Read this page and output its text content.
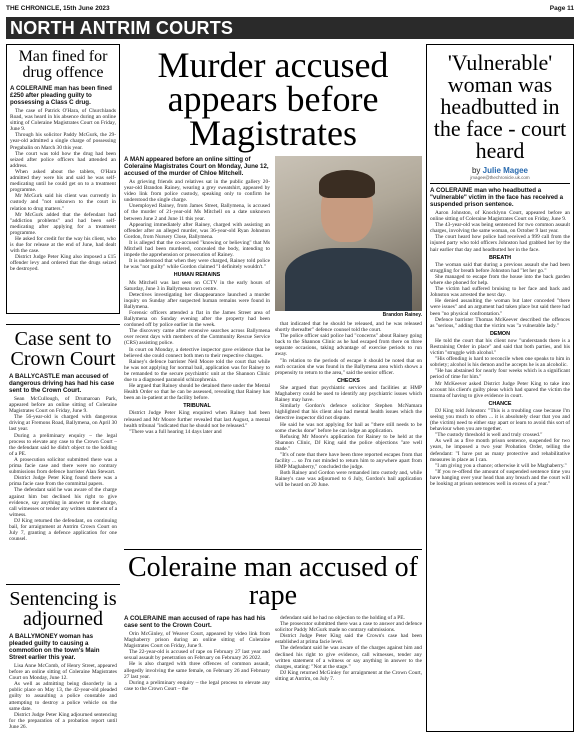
THE CHRONICLE, 15th June 2023	Page 11
NORTH ANTRIM COURTS
Man fined for drug offence
A COLERAINE man has been fined £250 after pleading guilty to possessing a Class C drug.

The case of Patrick O'Hara, of Churchlands Road, was heard in his absence during an online sitting of Coleraine Magistrates Court on Friday, June 9.

Through his solicitor Paddy McGurk, the 29-year-old admitted a single charge of possessing Pregabalin on March 30 this year.

The court was told how the drug had been seized after police officers had attended an address.

When asked about the tablets, O'Hara admitted they were his and said he was self-medicating until he could get on to a treatment programme.

Mr McGurk said his client was currently in custody and "not unknown to the court in relation to drug matters."

Mr McGurk added that the defendant had "addiction problems" and had been self-medicating after applying for a treatment programme.

He asked for credit for the way his client, who is due for release at the end of June, had dealt with the case.

District Judge Peter King also imposed a £15 offender levy and ordered that the drugs seized be destroyed.

Case sent to Crown Court
A BALLYCASTLE man accused of dangerous driving has had his case sent to the Crown Court.

Sean McCullough, of Drumaroan Park, appeared before an online sitting of Coleraine Magistrates Court on Friday, June 9.

The 56-year-old is charged with dangerous driving at Fremons Road, Ballymena, on April 30 last year.

During a preliminary enquiry – the legal process to elevate any case to the Crown Court – the defendant said he didn't object to the holding of a PE.

A prosecution solicitor submitted there was a prima facie case and there were no contrary submissions from defence barrister Alan Stewart.

District Judge Peter King found there was a prima facie case from the committal papers.

The defendant said he was aware of the charge against him but declined his right to give evidence, say anything in answer to the charge, call witnesses or tender any written statement of a witness.

DJ King returned the defendant, on continuing bail, for arraignment at Antrim Crown Court on July 7, granting a defence application for one counsel.

Sentencing is adjourned
A BALLYMONEY woman has pleaded guilty to causing a commotion on the town's Main Street earlier this year.

Lisa Anne McComb, of Henry Street, appeared before an online sitting of Coleraine Magistrates Court on Monday, June 12.

As well as admitting being disorderly in a public place on May 13, the 42-year-old pleaded guilty to assaulting a police constable and attempting to destroy a police vehicle on the same date.

District Judge Peter King adjourned sentencing for the preparation of a probation report until June 26.

Murder accused appears before Magistrates
A MAN appeared before an online sitting of Coleraine Magistrates Court on Monday, June 12, accused of the murder of Chloe Mitchell.

As grieving friends and relatives sat in the public gallery 20-year-old Brandon Rainey, wearing a grey sweatshirt, appeared by video link from police custody, speaking only to confirm he understood the single charge.

Unemployed Rainey, from James Street, Ballymena, is accused of the murder of 21-year-old Ms Mitchell on a date unknown between June 2 and June 11 this year.

Appearing immediately after Rainey, charged with assisting an offender after an alleged murder, was 36-year-old Ryan Johnston Gordon, from Nursery Close, Ballymena.

It is alleged that the co-accused "knowing or believing" that Ms Mitchell had been murdered, concealed the body, intending to impede the apprehension or prosecution of Rainey.

It is understood that when they were charged, Rainey told police he was "not guilty" while Gordon claimed "I definitely wouldn't."

HUMAN REMAINS

Ms Mitchell was last seen on CCTV in the early hours of Saturday, June 3 in Ballymena town centre.

Detectives investigating her disappearance launched a murder inquiry on Sunday after suspected human remains were found in Ballymena.

Forensic officers attended a flat in the James Street area of Ballymena on Sunday evening after the property had been cordoned off by police earlier in the week.

The discovery came after extensive searches across Ballymena over recent days with members of the Community Rescue Service (CRS) assisting police.

In court on Monday, a detective inspector gave evidence that he believed she could connect both men to their respective charges.

Rainey's defence barrister Neil Moore told the court that while he was not applying for normal bail, application was for Rainey to be remanded to the secure psychiatric unit at the Shannon Clinic due to a diagnosed paranoid schizophrenia.

He argued that Rainey should be detained there under the Mental Health Order so that he can be assessed, revealing that Rainey has been an in-patient at the facility before.

TRIBUNAL

District Judge Peter King enquired when Rainey had been released and Mr Moore further revealed that last August, a mental health tribunal "indicated that he should not be released."

"There was a full hearing 14 days later and

Brandon Rainey.

that indicated that he should be released, and he was released shortly thereafter" defence counsel told the court.

The police officer said police had "concerns" about Rainey going back to the Shannon Clinic as he had escaped from there on three separate occasions, taking advantage of exercise periods to run away.

"In relation to the periods of escape it should be noted that on each occasion she was found in the Ballymena area which shows a propensity to return to the area," said the senior officer.

CHECKS

She argued that psychiatric services and facilities at HMP Maghaberry could be used to identify any psychiatric issues which Rainey may have.

Similarly Gordon's defence solicitor Stephen McNamara highlighted that his client also had mental health issues which the detective inspector did not dispute.

He said he was not applying for bail as "there still needs to be some checks done" before he can lodge an application.

Refusing Mr Moore's application for Rainey to be held at the Shannon Clinic, DJ King said the police objections "are well made."

"It's of note that there have been three reported escapes from that facility ... so I'm not minded to return him to anywhere apart from HMP Maghaberry," concluded the judge.

Both Rainey and Gordon were remanded into custody and, while Rainey's case was adjourned to 6 July, Gordon's bail application will be heard on 20 June.

Coleraine man accused of rape
A COLERAINE man accused of rape has had his case sent to the Crown Court.

Orin McGinley, of Weaver Court, appeared by video link from Maghaberry prison during an online sitting of Coleraine Magistrates Court on Friday, June 9.

The 22-year-old is accused of rape on February 27 last year and sexual assault by penetration on February on February 26 2022.

He is also charged with three offences of common assault, allegedly involving the same female, on February 26 and February 27 last year.

During a preliminary enquiry – the legal process to elevate any case to the Crown Court – the

defendant said he had no objection to the holding of a PE.

The prosecutor submitted there was a case to answer and defence solicitor Paddy McGurk made no contrary submissions.

District Judge Peter King said the Crown's case had been established at prima facie level.

The defendant said he was aware of the charges against him and declined his right to give evidence, call witnesses, tender any written statement of a witness or say anything in answer to the charges, stating: "Not at the stage."

DJ King returned McGinley for arraignment at the Crown Court, sitting at Antrim, on July 7.

'Vulnerable' woman was headbutted in the face - court heard
by Julie Magee
jmagee@thechronicle.uk.com
A COLERAINE man who headbutted a "vulnerable" victim in the face has received a suspended prison sentence.

Aaron Johnston, of Knocklynn Court, appeared before an online sitting of Coleraine Magistrates Court on Friday, June 9.

The 43-year-old was being sentenced for two common assault charges, involving the same woman, on October 9 last year.

The court heard how police had received a 999 call from the injured party who told officers Johnston had grabbed her by the hair earlier that day and headbutted her in the face.

BREATH

The woman said that during a previous assault she had been struggling for breath before Johnston had "let her go."

She managed to escape from the house into the back garden where she phoned for help.

The victim had suffered bruising to her face and back and Johnston was arrested the next day.

He denied assaulting the woman but later conceded "there were issues" and an argument had taken place but said there had been "no physical confrontation."

Defence barrister Thomas McKeever described the offences as "serious," adding that the victim was "a vulnerable lady."

DEMON

He told the court that his client now "understands there is a Restraining Order in place" and said that both parties, and his victim "struggle with alcohol."

"His offending is hard to reconcile when one speaks to him in sobriety; alcohol is his demon and he accepts he is an alcoholic.

"He has abstained for nearly four weeks which is a significant period of time for him."

Mr McKeever asked District Judge Peter King to take into account his client's guilty pleas which had spared the victim the trauma of having to give evidence in court.

CHANCE

DJ King told Johnston: "This is a troubling case because I'm seeing you much to often ... it is absolutely clear that you and (the victim) need to either stay apart or learn to avoid this sort of behaviour when you are together.

"The custody threshold is well and truly crossed."

As well as a five month prison sentence, suspended for two years, he imposed a two year Probation Order, telling the defendant: "I have put as many protective and rehabilitative measures in place as I can.

"I am giving you a chance; otherwise it will be Maghaberry."

"If you re-offend the amount of suspended sentence time you have hanging over your head than any breach and the court will be looking at prison sentences well in excess of a year."
